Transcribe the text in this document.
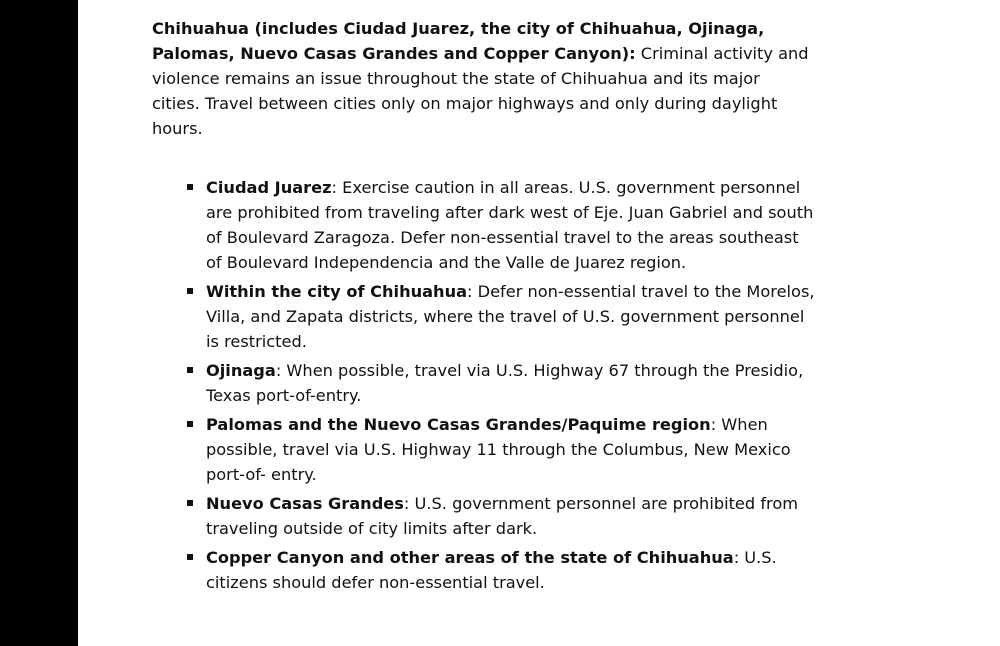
Chihuahua (includes Ciudad Juarez, the city of Chihuahua, Ojinaga, Palomas, Nuevo Casas Grandes and Copper Canyon): Criminal activity and violence remains an issue throughout the state of Chihuahua and its major cities. Travel between cities only on major highways and only during daylight hours.

Ciudad Juarez: Exercise caution in all areas. U.S. government personnel are prohibited from traveling after dark west of Eje. Juan Gabriel and south of Boulevard Zaragoza. Defer non-essential travel to the areas southeast of Boulevard Independencia and the Valle de Juarez region.
Within the city of Chihuahua: Defer non-essential travel to the Morelos, Villa, and Zapata districts, where the travel of U.S. government personnel is restricted.
Ojinaga: When possible, travel via U.S. Highway 67 through the Presidio, Texas port-of-entry.
Palomas and the Nuevo Casas Grandes/Paquime region: When possible, travel via U.S. Highway 11 through the Columbus, New Mexico port-of- entry.
Nuevo Casas Grandes: U.S. government personnel are prohibited from traveling outside of city limits after dark.
Copper Canyon and other areas of the state of Chihuahua: U.S. citizens should defer non-essential travel.
